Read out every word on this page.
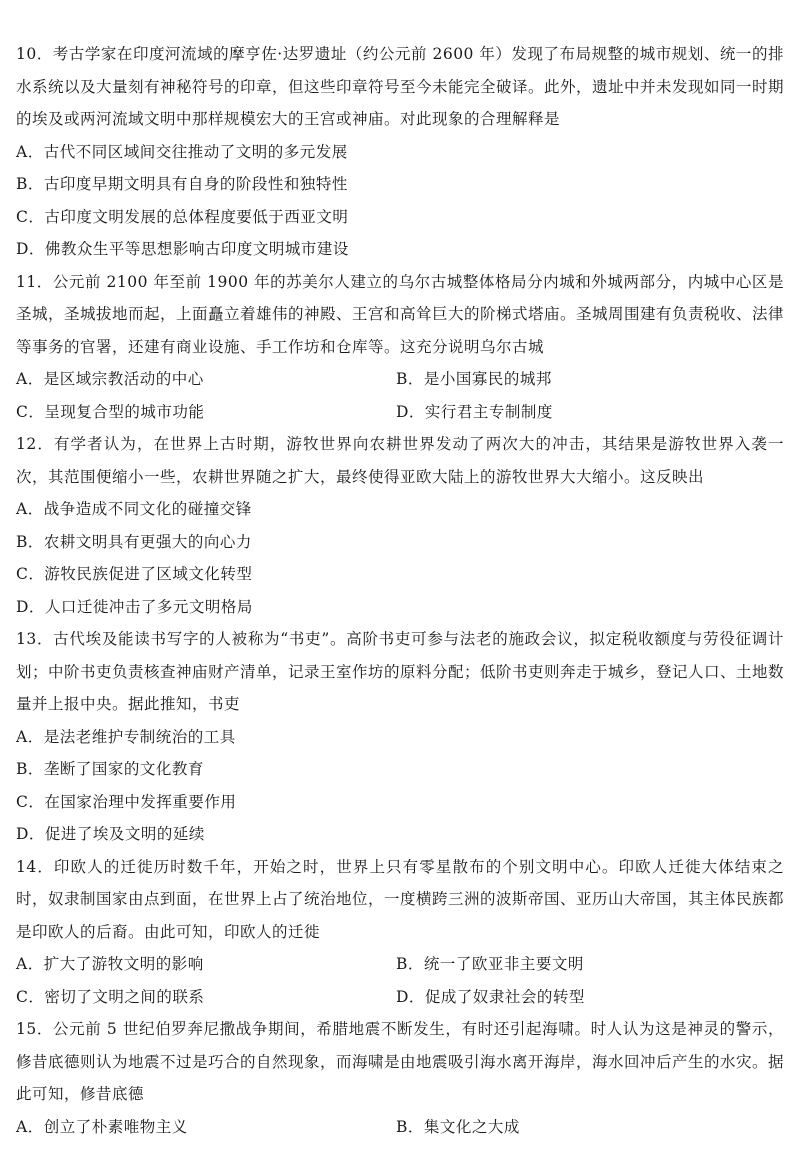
10．考古学家在印度河流域的摩亨佐·达罗遗址（约公元前 2600 年）发现了布局规整的城市规划、统一的排水系统以及大量刻有神秘符号的印章，但这些印章符号至今未能完全破译。此外，遗址中并未发现如同一时期的埃及或两河流域文明中那样规模宏大的王宫或神庙。对此现象的合理解释是

A．古代不同区域间交往推动了文明的多元发展

B．古印度早期文明具有自身的阶段性和独特性

C．古印度文明发展的总体程度要低于西亚文明

D．佛教众生平等思想影响古印度文明城市建设

11．公元前 2100 年至前 1900 年的苏美尔人建立的乌尔古城整体格局分内城和外城两部分，内城中心区是圣城，圣城拔地而起，上面矗立着雄伟的神殿、王宫和高耸巨大的阶梯式塔庙。圣城周围建有负责税收、法律等事务的官署，还建有商业设施、手工作坊和仓库等。这充分说明乌尔古城

A．是区域宗教活动的中心	B．是小国寡民的城邦

C．呈现复合型的城市功能	D．实行君主专制制度

12．有学者认为，在世界上古时期，游牧世界向农耕世界发动了两次大的冲击，其结果是游牧世界入袭一次，其范围便缩小一些，农耕世界随之扩大，最终使得亚欧大陆上的游牧世界大大缩小。这反映出

A．战争造成不同文化的碰撞交锋

B．农耕文明具有更强大的向心力

C．游牧民族促进了区域文化转型

D．人口迁徙冲击了多元文明格局

13．古代埃及能读书写字的人被称为“书吏”。高阶书吏可参与法老的施政会议，拟定税收额度与劳役征调计划；中阶书吏负责核查神庙财产清单，记录王室作坊的原料分配；低阶书吏则奔走于城乡，登记人口、土地数量并上报中央。据此推知，书吏

A．是法老维护专制统治的工具

B．垄断了国家的文化教育

C．在国家治理中发挥重要作用

D．促进了埃及文明的延续

14．印欧人的迁徙历时数千年，开始之时，世界上只有零星散布的个别文明中心。印欧人迁徙大体结束之时，奴隶制国家由点到面，在世界上占了统治地位，一度横跨三洲的波斯帝国、亚历山大帝国，其主体民族都是印欧人的后裔。由此可知，印欧人的迁徙

A．扩大了游牧文明的影响	B．统一了欧亚非主要文明

C．密切了文明之间的联系	D．促成了奴隶社会的转型

15．公元前 5 世纪伯罗奔尼撒战争期间，希腊地震不断发生，有时还引起海啸。时人认为这是神灵的警示，修昔底德则认为地震不过是巧合的自然现象，而海啸是由地震吸引海水离开海岸，海水回冲后产生的水灾。据此可知，修昔底德

A．创立了朴素唯物主义	B．集文化之大成
